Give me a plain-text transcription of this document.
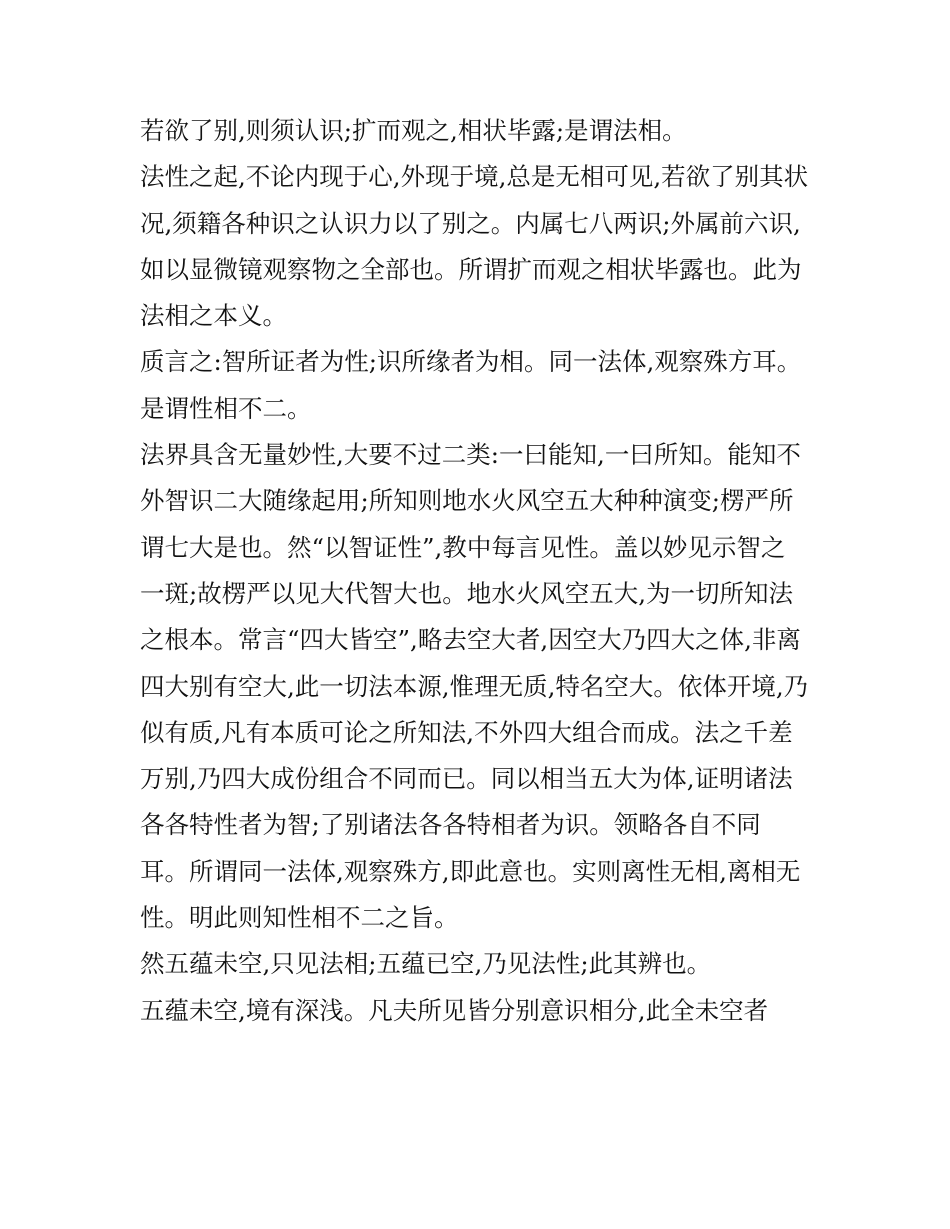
若欲了别,则须认识;扩而观之,相状毕露;是谓法相。
法性之起,不论内现于心,外现于境,总是无相可见,若欲了别其状
况,须籍各种识之认识力以了别之。内属七八两识;外属前六识,
如以显微镜观察物之全部也。所谓扩而观之相状毕露也。此为
法相之本义。
质言之:智所证者为性;识所缘者为相。同一法体,观察殊方耳。
是谓性相不二。
法界具含无量妙性,大要不过二类:一曰能知,一曰所知。能知不
外智识二大随缘起用;所知则地水火风空五大种种演变;楞严所
谓七大是也。然“以智证性”,教中每言见性。盖以妙见示智之
一斑;故楞严以见大代智大也。地水火风空五大,为一切所知法
之根本。常言“四大皆空”,略去空大者,因空大乃四大之体,非离
四大别有空大,此一切法本源,惟理无质,特名空大。依体开境,乃
似有质,凡有本质可论之所知法,不外四大组合而成。法之千差
万别,乃四大成份组合不同而已。同以相当五大为体,证明诸法
各各特性者为智;了别诸法各各特相者为识。领略各自不同
耳。所谓同一法体,观察殊方,即此意也。实则离性无相,离相无
性。明此则知性相不二之旨。
然五蕴未空,只见法相;五蕴已空,乃见法性;此其辨也。
五蕴未空,境有深浅。凡夫所见皆分别意识相分,此全未空者
